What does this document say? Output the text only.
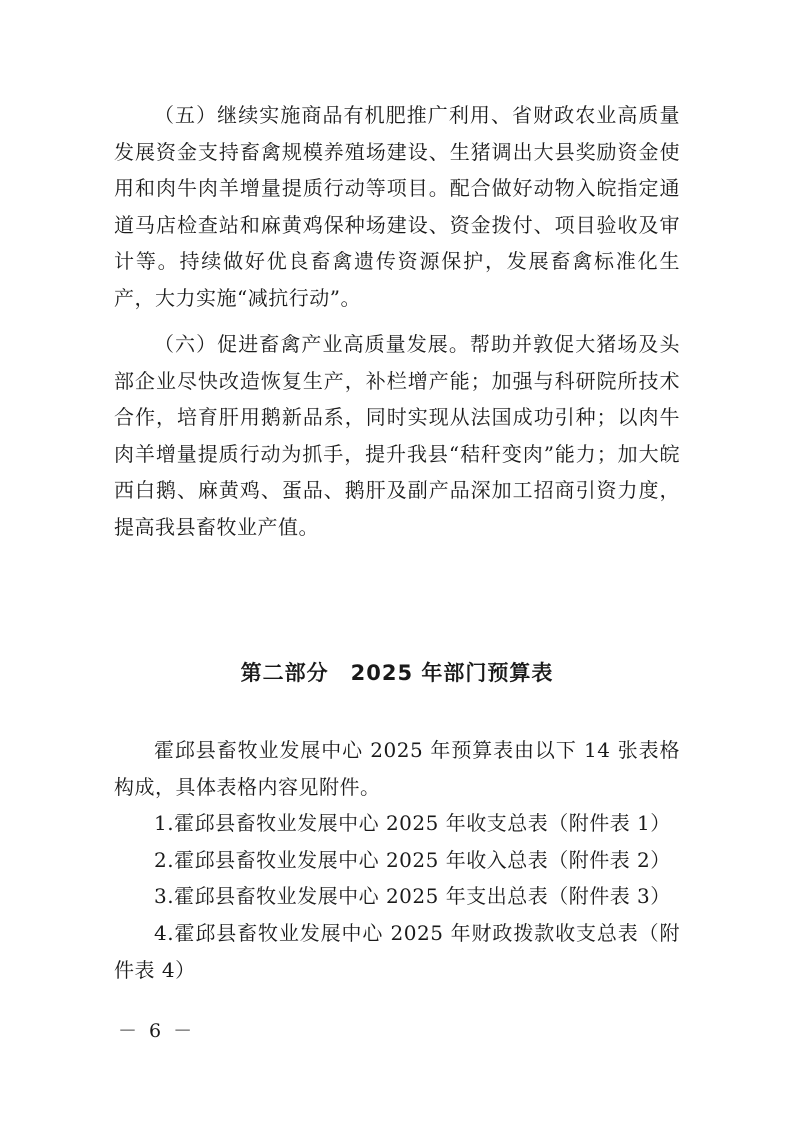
（五）继续实施商品有机肥推广利用、省财政农业高质量发展资金支持畜禽规模养殖场建设、生猪调出大县奖励资金使用和肉牛肉羊增量提质行动等项目。配合做好动物入皖指定通道马店检查站和麻黄鸡保种场建设、资金拨付、项目验收及审计等。持续做好优良畜禽遗传资源保护，发展畜禽标准化生产，大力实施“减抗行动”。

（六）促进畜禽产业高质量发展。帮助并敦促大猪场及头部企业尽快改造恢复生产，补栏增产能；加强与科研院所技术合作，培育肝用鹅新品系，同时实现从法国成功引种；以肉牛肉羊增量提质行动为抓手，提升我县“秸秆变肉”能力；加大皖西白鹅、麻黄鸡、蛋品、鹅肝及副产品深加工招商引资力度，提高我县畜牧业产值。

第二部分　2025 年部门预算表

霍邱县畜牧业发展中心 2025 年预算表由以下 14 张表格构成，具体表格内容见附件。

1.霍邱县畜牧业发展中心 2025 年收支总表（附件表 1）

2.霍邱县畜牧业发展中心 2025 年收入总表（附件表 2）

3.霍邱县畜牧业发展中心 2025 年支出总表（附件表 3）

4.霍邱县畜牧业发展中心 2025 年财政拨款收支总表（附件表 4）

－ 6 －
